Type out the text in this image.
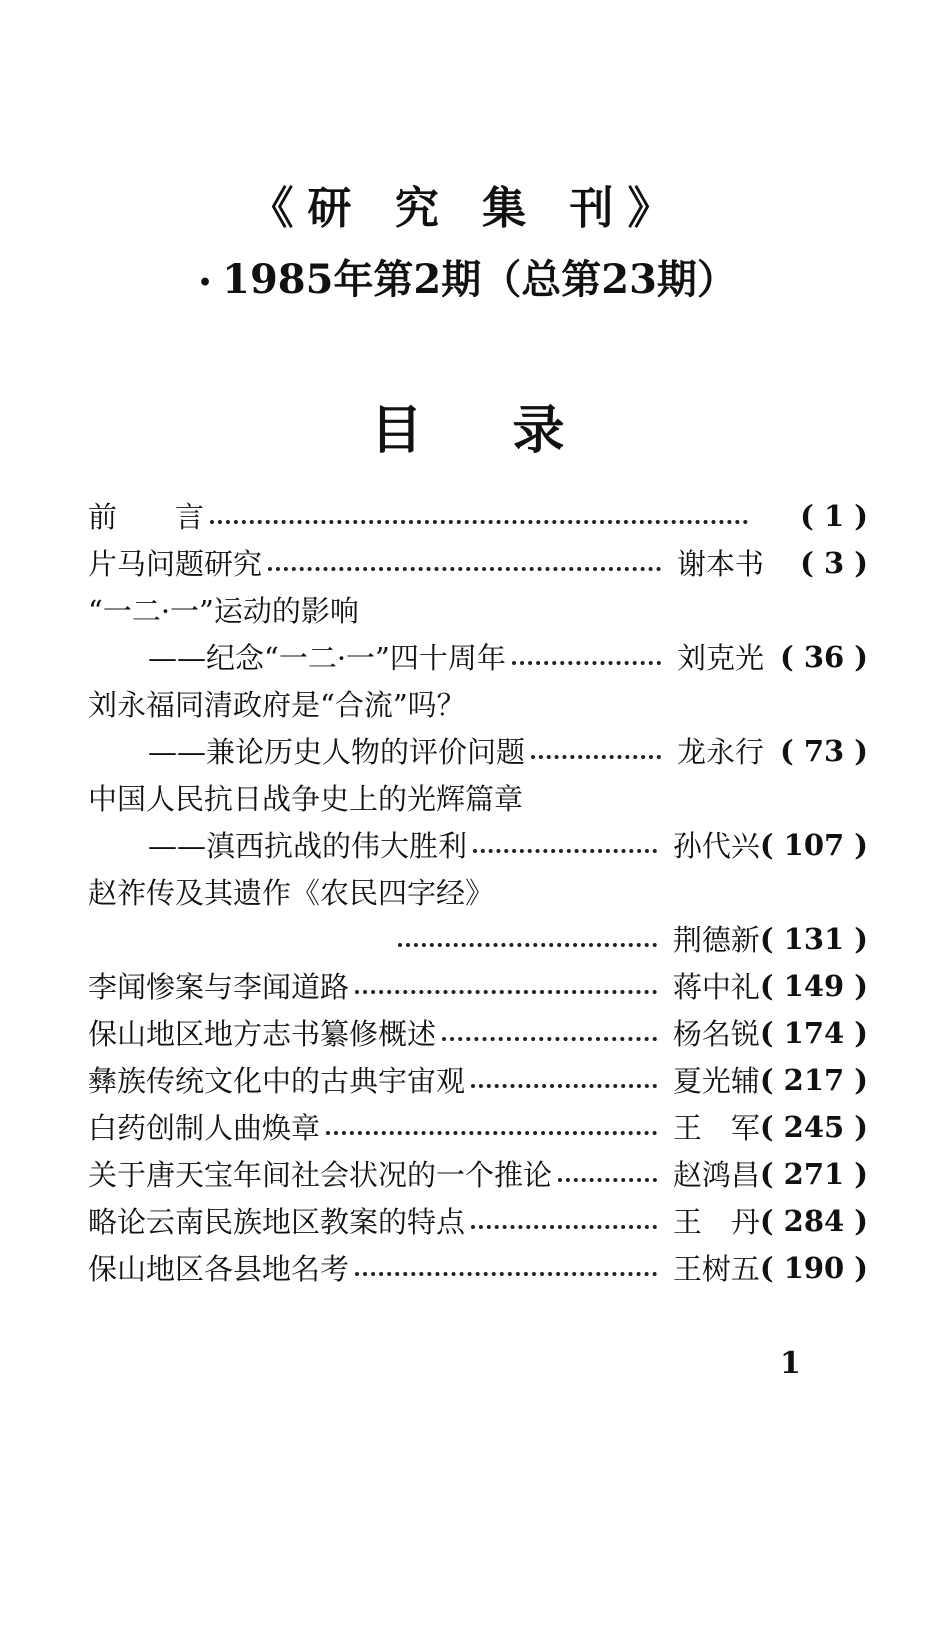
《研 究 集 刊》
• 1985年第2期（总第23期）
目录
前　　言	( 1 )
片马问题研究	谢本书	( 3 )
“一二·一”运动的影响
——纪念“一二·一”四十周年	刘克光 ( 36 )
刘永福同清政府是“合流”吗？
——兼论历史人物的评价问题	龙永行 ( 73 )
中国人民抗日战争史上的光辉篇章
——滇西抗战的伟大胜利	孙代兴 ( 107 )
赵祚传及其遗作《农民四字经》
荆德新 ( 131 )
李闻惨案与李闻道路	蒋中礼 ( 149 )
保山地区地方志书纂修概述	杨名锐 ( 174 )
彝族传统文化中的古典宇宙观	夏光辅 ( 217 )
白药创制人曲焕章	王　军 ( 245 )
关于唐天宝年间社会状况的一个推论	赵鸿昌 ( 271 )
略论云南民族地区教案的特点	王　丹 ( 284 )
保山地区各县地名考	王树五 ( 190 )
1
